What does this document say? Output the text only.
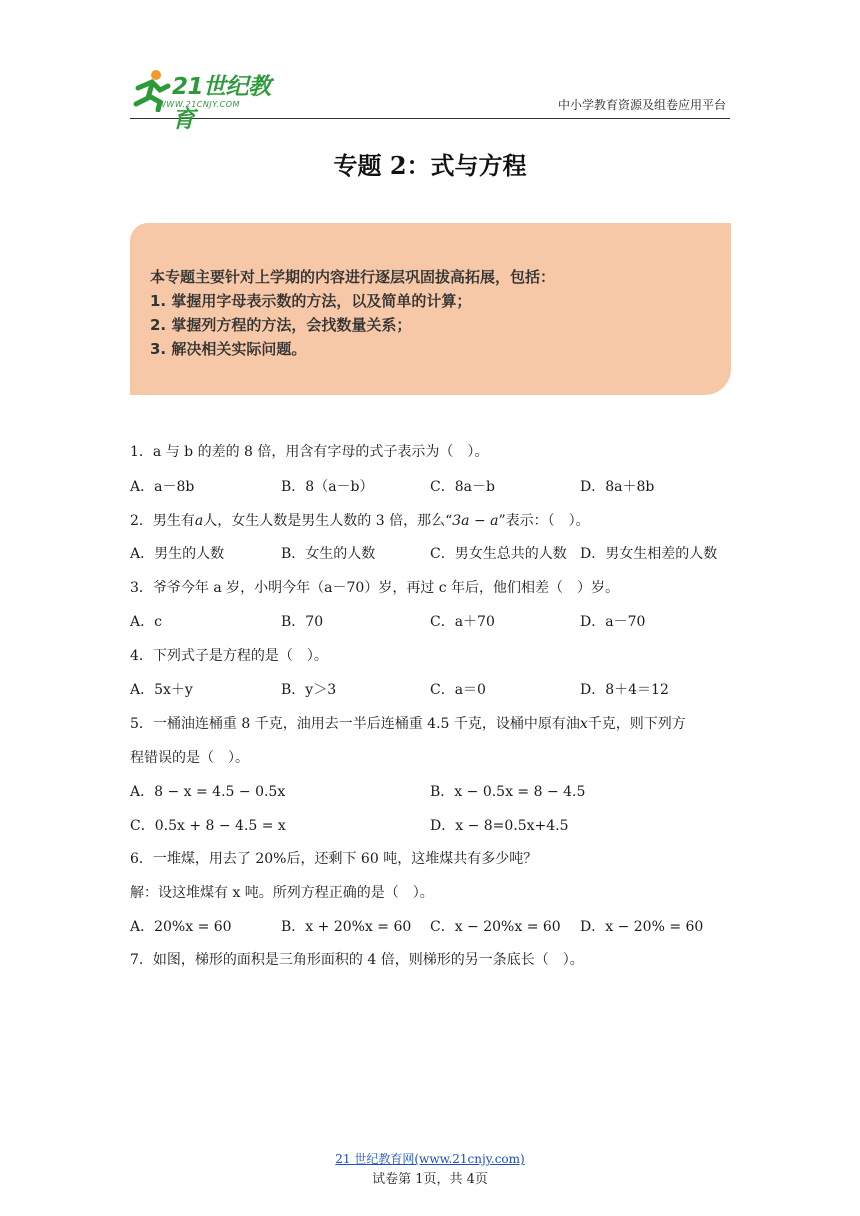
21世纪教育
WWW.21CNJY.COM	中小学教育资源及组卷应用平台
专题 2：式与方程
本专题主要针对上学期的内容进行逐层巩固拔高拓展，包括：
1. 掌握用字母表示数的方法，以及简单的计算；
2. 掌握列方程的方法，会找数量关系；
3. 解决相关实际问题。
1．a 与 b 的差的 8 倍，用含有字母的式子表示为（　）。
A．a－8b	B．8（a－b）	C．8a－b	D．8a＋8b
2．男生有a人，女生人数是男生人数的 3 倍，那么“3a − a”表示：（　）。
A．男生的人数	B．女生的人数	C．男女生总共的人数 D．男女生相差的人数
3．爷爷今年 a 岁，小明今年（a－70）岁，再过 c 年后，他们相差（　）岁。
A．c	B．70	C．a＋70	D．a－70
4．下列式子是方程的是（　）。
A．5x＋y	B．y＞3	C．a＝0	D．8＋4＝12
5．一桶油连桶重 8 千克，油用去一半后连桶重 4.5 千克，设桶中原有油x千克，则下列方
程错误的是（　）。
A．8 − x = 4.5 − 0.5x	B．x − 0.5x = 8 − 4.5
C．0.5x + 8 − 4.5 = x	D．x − 8=0.5x+4.5
6．一堆煤，用去了 20%后，还剩下 60 吨，这堆煤共有多少吨？
解：设这堆煤有 x 吨。所列方程正确的是（　）。
A．20%x = 60	B．x + 20%x = 60 C．x − 20%x = 60 D．x − 20% = 60
7．如图，梯形的面积是三角形面积的 4 倍，则梯形的另一条底长（　）。
21 世纪教育网(www.21cnjy.com)
试卷第 1页，共 4页
